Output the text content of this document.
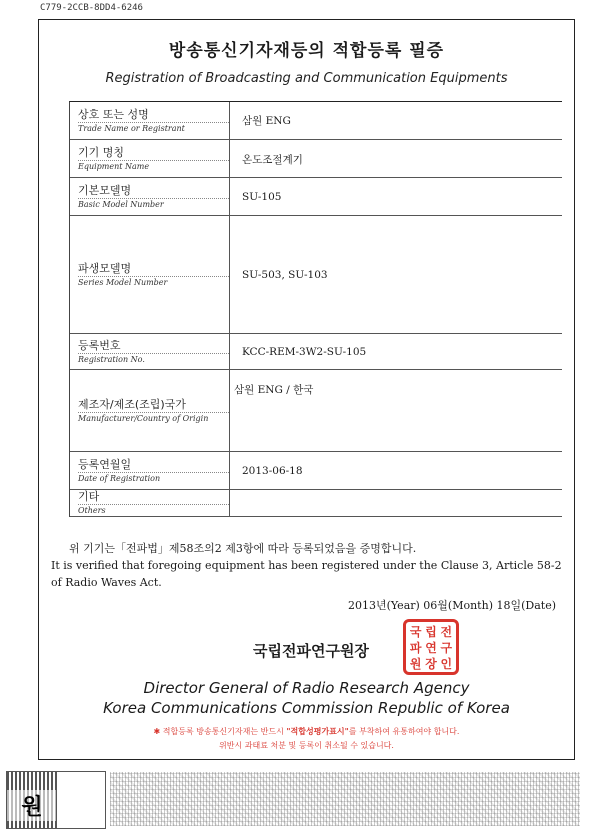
C779-2CCB-8DD4-6246
방송통신기자재등의 적합등록 필증
Registration of Broadcasting and Communication Equipments
상호 또는 성명
Trade Name or Registrant
삼원 ENG
기기 명칭
Equipment Name	온도조절계기
기본모델명
Basic Model Number
SU-105
파생모델명
Series Model Number
SU-503, SU-103
등록번호
Registration No.
KCC-REM-3W2-SU-105
제조자/제조(조립)국가
Manufacturer/Country of Origin
삼원 ENG / 한국
등록연월일
Date of Registration
2013-06-18
기타
Others
위 기기는「전파법」제58조의2 제3항에 따라 등록되었음을 증명합니다.
It is verified that foregoing equipment has been registered under the Clause 3, Article 58-2 of Radio Waves Act.
2013년(Year) 06월(Month) 18일(Date)
국립전파연구원장
국 립 전
파 연 구
원 장 인
Director General of Radio Research Agency
Korea Communications Commission Republic of Korea
✱ 적합등록 방송통신기자재는 반드시 "적합성평가표시"를 부착하여 유통하여야 합니다.
위반시 과태료 처분 및 등록이 취소될 수 있습니다.
원
